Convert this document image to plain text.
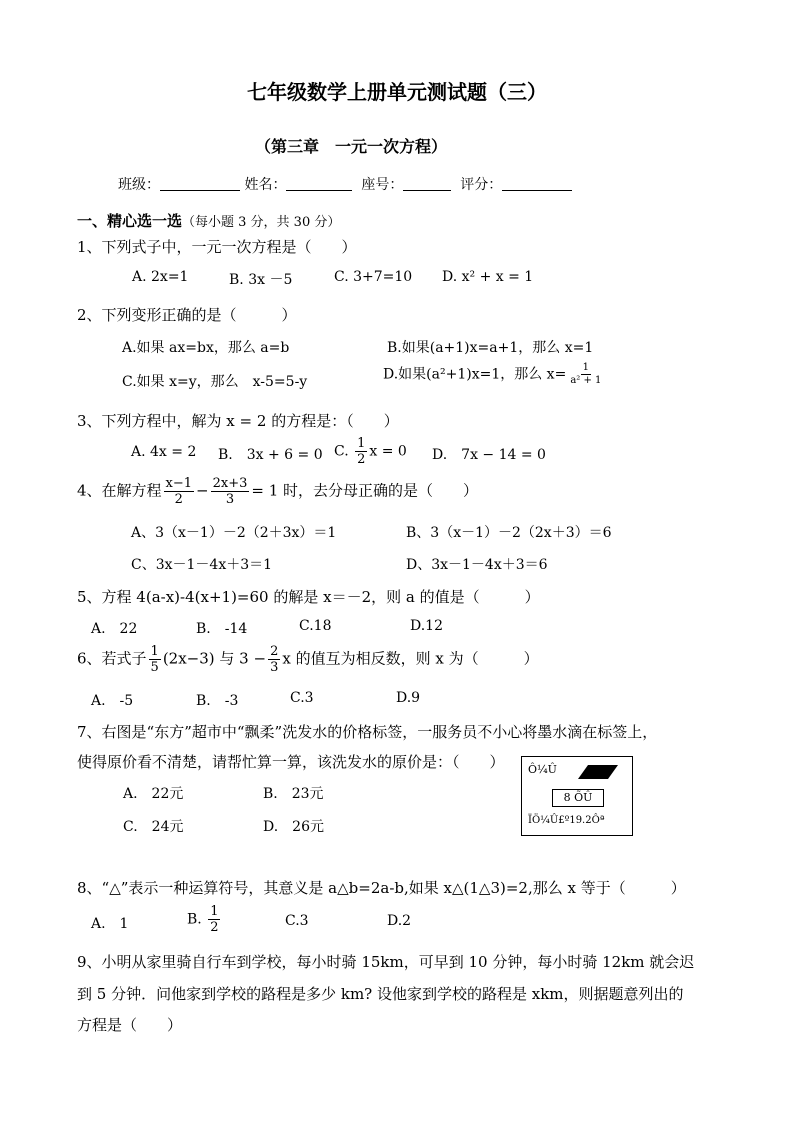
七年级数学上册单元测试题（三）
（第三章　一元一次方程）
班级：	姓名：	座号：	评分：
一、精心选一选（每小题 3 分，共 30 分）
1、下列式子中，一元一次方程是（　　）
A. 2x=1	B. 3x －5	C. 3+7=10 D. x² + x = 1
2、下列变形正确的是（　　　）
A.如果 ax=bx，那么 a=b	B.如果(a+1)x=a+1，那么 x=1
C.如果 x=y，那么　x-5=5-y	D.如果(a²+1)x=1，那么 $x= \frac{1}{\text{a² + 1}}$
3、下列方程中，解为 x = 2 的方程是：（　　）
A. 4x = 2 B.　3x + 6 = 0 C. $\frac{1}{2}$ x = 0 D.　7x − 14 = 0
4、在解方程 $\frac{x-1}{2} - \frac{2x+3}{3} = 1$ 时，去分母正确的是（　　）
A、3（x－1）－2（2＋3x）＝1	B、3（x－1）－2（2x＋3）＝6
C、3x－1－4x＋3＝1	D、3x－1－4x＋3＝6
5、方程 4(a-x)-4(x+1)=60 的解是 x＝－2，则 a 的值是（　　　）
A.　22	B.　-14	C.18	D.12
6、若式子 $\frac{1}{5} (2x-3)$ 与 $3 - \frac{2}{3}$ x 的值互为相反数，则 x 为（　　　）
A.　-5	B.　-3	C.3	D.9
7、右图是“东方”超市中“飘柔”洗发水的价格标签，一服务员不小心将墨水滴在标签上，
使得原价看不清楚，请帮忙算一算，该洗发水的原价是：（　　）
A.　22元	B.　23元
C.　24元	D.　26元
Ô¼Û
8 ÕÛ
ÏÖ¼Û£º19.2Ôª
8、“△”表示一种运算符号，其意义是 a△b=2a-b,如果 x△(1△3)=2,那么 x 等于（　　　）
A.　1	B. $\frac{1}{2}$	C.3	D.2
9、小明从家里骑自行车到学校，每小时骑 15km，可早到 10 分钟，每小时骑 12km 就会迟
到 5 分钟．问他家到学校的路程是多少 km? 设他家到学校的路程是 xkm，则据题意列出的
方程是（　　）
